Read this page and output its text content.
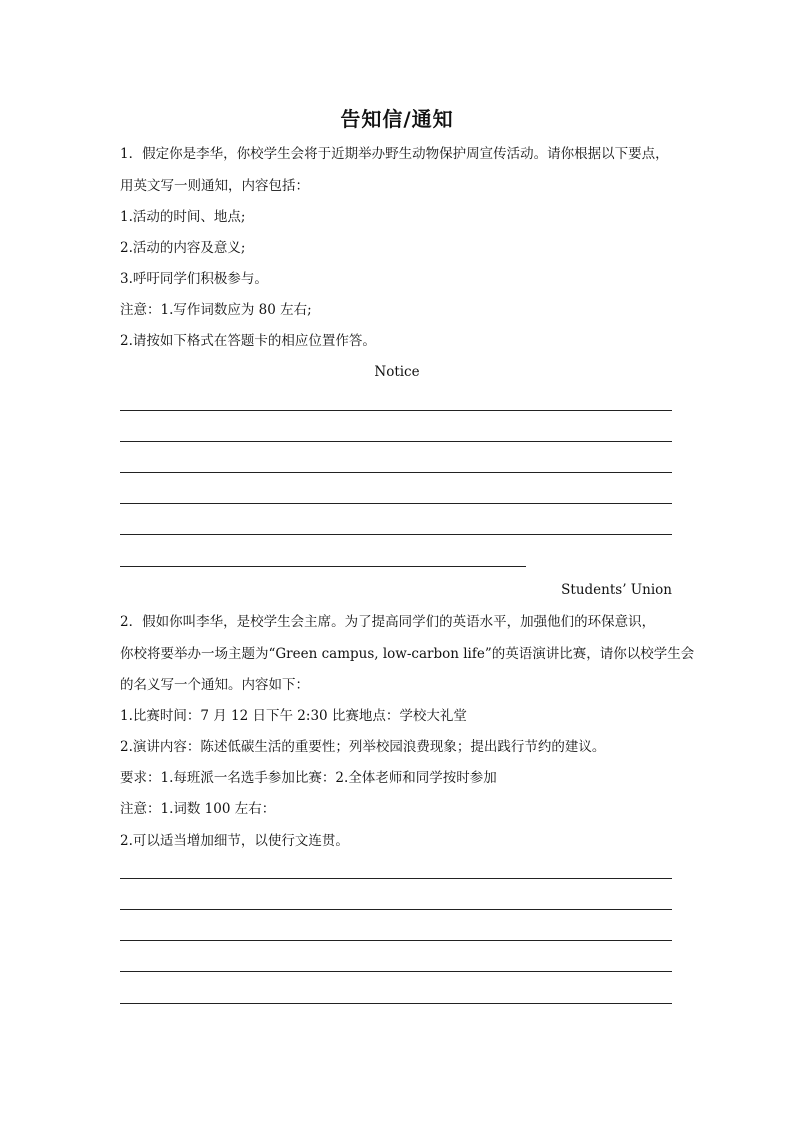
告知信/通知
1．假定你是李华，你校学生会将于近期举办野生动物保护周宣传活动。请你根据以下要点，
用英文写一则通知，内容包括：
1.活动的时间、地点;
2.活动的内容及意义;
3.呼吁同学们积极参与。
注意：1.写作词数应为 80 左右;
2.请按如下格式在答题卡的相应位置作答。
Notice
Students’ Union
2．假如你叫李华，是校学生会主席。为了提高同学们的英语水平，加强他们的环保意识，
你校将要举办一场主题为“Green campus, low-carbon life”的英语演讲比赛，请你以校学生会
的名义写一个通知。内容如下：
1.比赛时间：7 月 12 日下午 2:30 比赛地点：学校大礼堂
2.演讲内容：陈述低碳生活的重要性；列举校园浪费现象；提出践行节约的建议。
要求：1.每班派一名选手参加比赛：2.全体老师和同学按时参加
注意：1.词数 100 左右：
2.可以适当增加细节，以使行文连贯。
